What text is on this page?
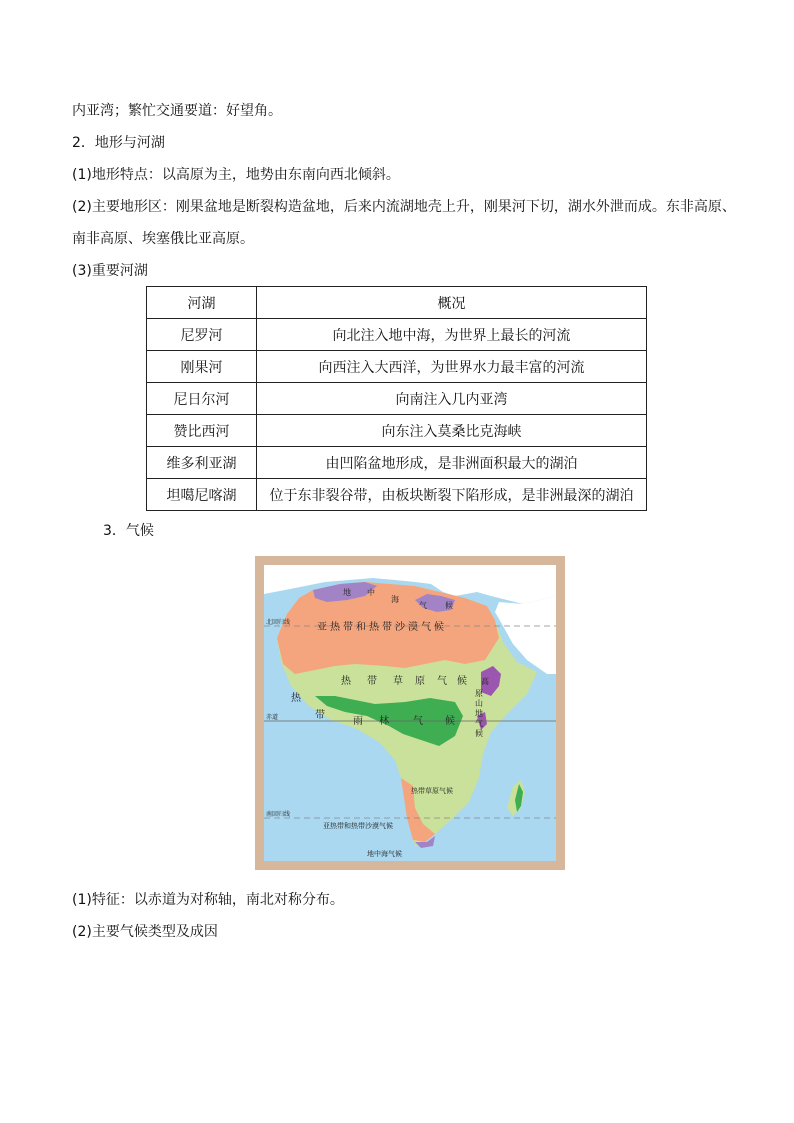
内亚湾；繁忙交通要道：好望角。
2．地形与河湖
(1)地形特点：以高原为主，地势由东南向西北倾斜。
(2)主要地形区：刚果盆地是断裂构造盆地，后来内流湖地壳上升，刚果河下切，湖水外泄而成。东非高原、
南非高原、埃塞俄比亚高原。
(3)重要河湖
河湖	概况
尼罗河	向北注入地中海，为世界上最长的河流
刚果河	向西注入大西洋，为世界水力最丰富的河流
尼日尔河	向南注入几内亚湾
赞比西河	向东注入莫桑比克海峡
维多利亚湖	由凹陷盆地形成，是非洲面积最大的湖泊
坦噶尼喀湖	位于东非裂谷带，由板块断裂下陷形成，是非洲最深的湖泊
3．气候
北回归线
赤道
南回归线
地 中
海
气 候
亚热带和热带沙漠气候
热 带 草 原 气 候
热
带
雨 林 气 候
高
原
山
地
气
候
热带草原气候
亚热带和热带沙漠气候
地中海气候
(1)特征：以赤道为对称轴，南北对称分布。
(2)主要气候类型及成因
